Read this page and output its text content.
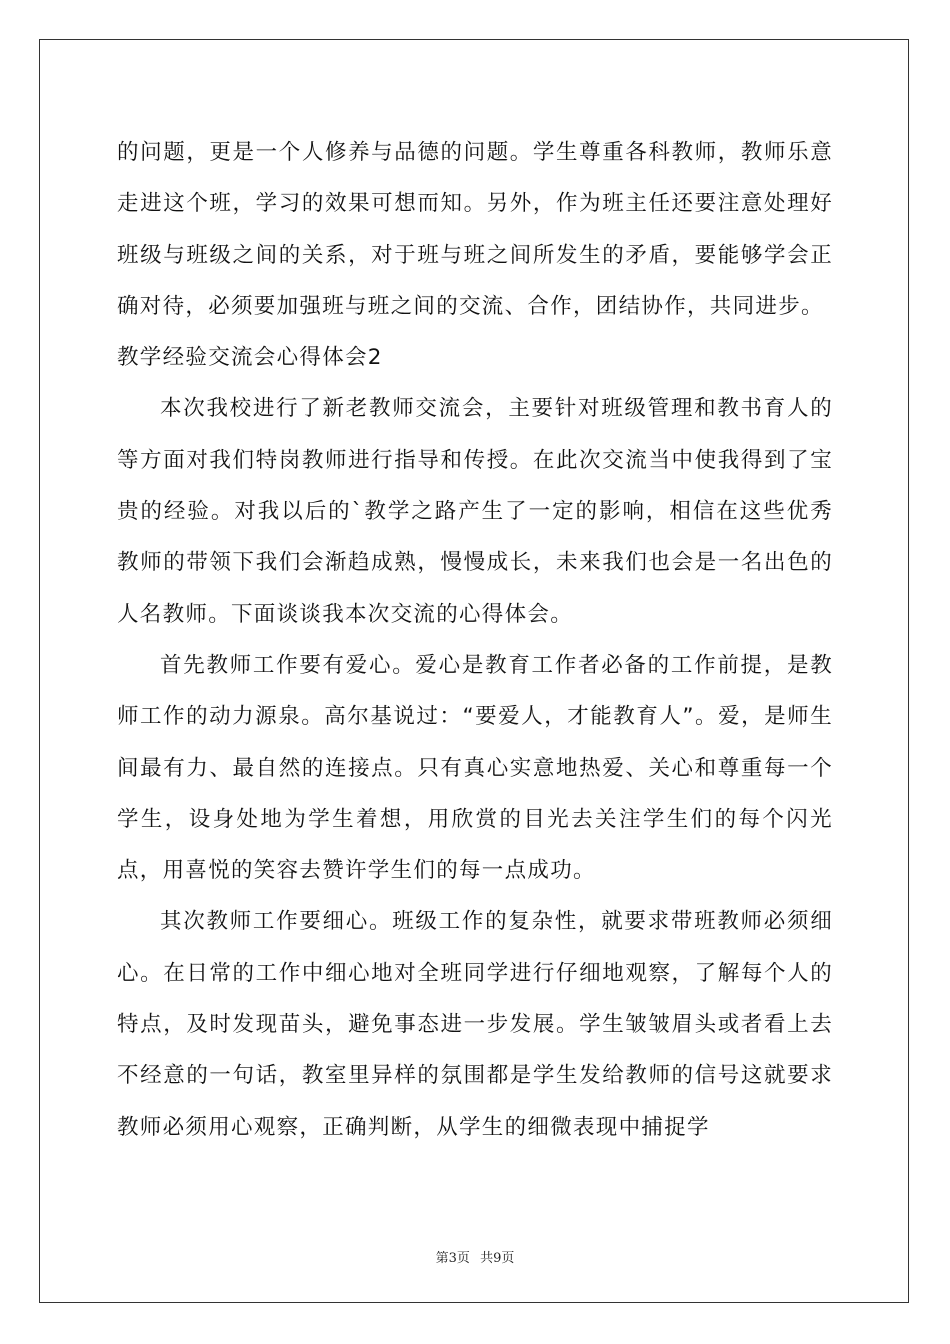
的问题，更是一个人修养与品德的问题。学生尊重各科教师，教师乐意走进这个班，学习的效果可想而知。另外，作为班主任还要注意处理好班级与班级之间的关系，对于班与班之间所发生的矛盾，要能够学会正确对待，必须要加强班与班之间的交流、合作，团结协作，共同进步。

教学经验交流会心得体会2

本次我校进行了新老教师交流会，主要针对班级管理和教书育人的等方面对我们特岗教师进行指导和传授。在此次交流当中使我得到了宝贵的经验。对我以后的`教学之路产生了一定的影响，相信在这些优秀教师的带领下我们会渐趋成熟，慢慢成长，未来我们也会是一名出色的人名教师。下面谈谈我本次交流的心得体会。

首先教师工作要有爱心。爱心是教育工作者必备的工作前提，是教师工作的动力源泉。高尔基说过：“要爱人，才能教育人”。爱，是师生间最有力、最自然的连接点。只有真心实意地热爱、关心和尊重每一个学生，设身处地为学生着想，用欣赏的目光去关注学生们的每个闪光点，用喜悦的笑容去赞许学生们的每一点成功。

其次教师工作要细心。班级工作的复杂性，就要求带班教师必须细心。在日常的工作中细心地对全班同学进行仔细地观察，了解每个人的特点，及时发现苗头，避免事态进一步发展。学生皱皱眉头或者看上去不经意的一句话，教室里异样的氛围都是学生发给教师的信号这就要求教师必须用心观察，正确判断，从学生的细微表现中捕捉学

第3页 共9页
